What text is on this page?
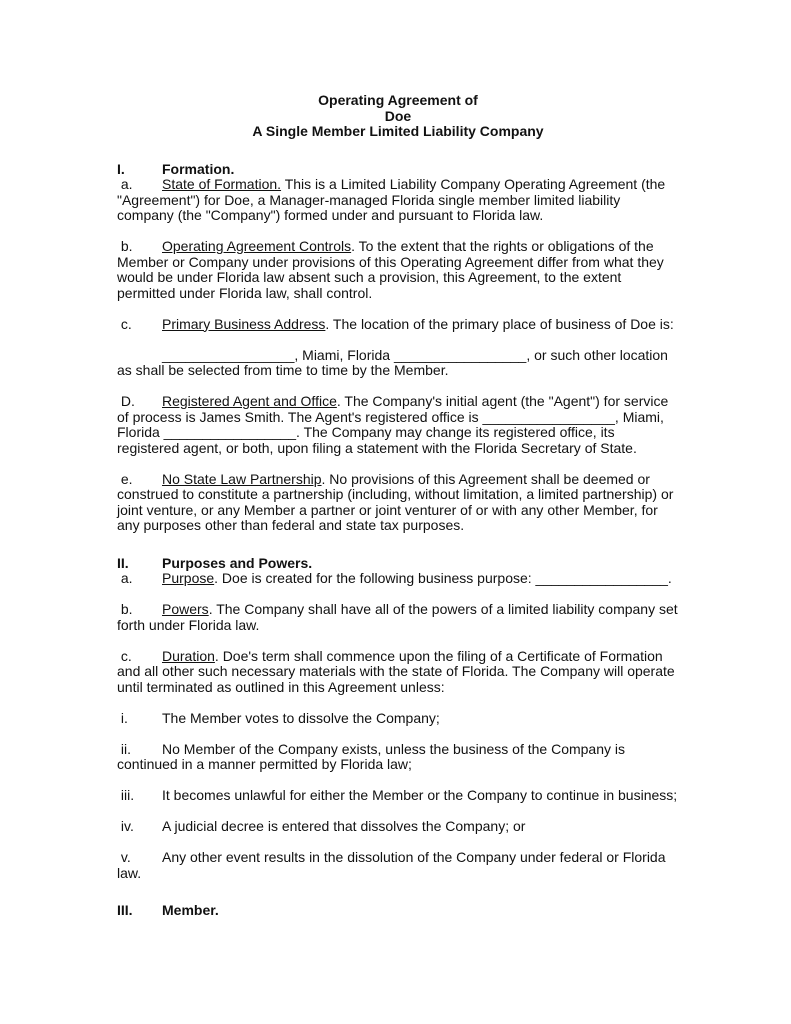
Operating Agreement of
Doe
A Single Member Limited Liability Company
I.	Formation.
a. State of Formation. This is a Limited Liability Company Operating Agreement (the "Agreement") for Doe, a Manager-managed Florida single member limited liability company (the "Company") formed under and pursuant to Florida law.
b. Operating Agreement Controls. To the extent that the rights or obligations of the Member or Company under provisions of this Operating Agreement differ from what they would be under Florida law absent such a provision, this Agreement, to the extent permitted under Florida law, shall control.
c. Primary Business Address. The location of the primary place of business of Doe is:
_________________, Miami, Florida _________________, or such other location as shall be selected from time to time by the Member.
D. Registered Agent and Office. The Company's initial agent (the "Agent") for service of process is James Smith. The Agent's registered office is _________________, Miami, Florida _________________. The Company may change its registered office, its registered agent, or both, upon filing a statement with the Florida Secretary of State.
e. No State Law Partnership. No provisions of this Agreement shall be deemed or construed to constitute a partnership (including, without limitation, a limited partnership) or joint venture, or any Member a partner or joint venturer of or with any other Member, for any purposes other than federal and state tax purposes.
II. Purposes and Powers.
a. Purpose. Doe is created for the following business purpose: _________________.
b. Powers. The Company shall have all of the powers of a limited liability company set forth under Florida law.
c. Duration. Doe's term shall commence upon the filing of a Certificate of Formation and all other such necessary materials with the state of Florida. The Company will operate until terminated as outlined in this Agreement unless:
i. The Member votes to dissolve the Company;
ii. No Member of the Company exists, unless the business of the Company is continued in a manner permitted by Florida law;
iii. It becomes unlawful for either the Member or the Company to continue in business;
iv. A judicial decree is entered that dissolves the Company; or
v. Any other event results in the dissolution of the Company under federal or Florida law.
III. Member.
